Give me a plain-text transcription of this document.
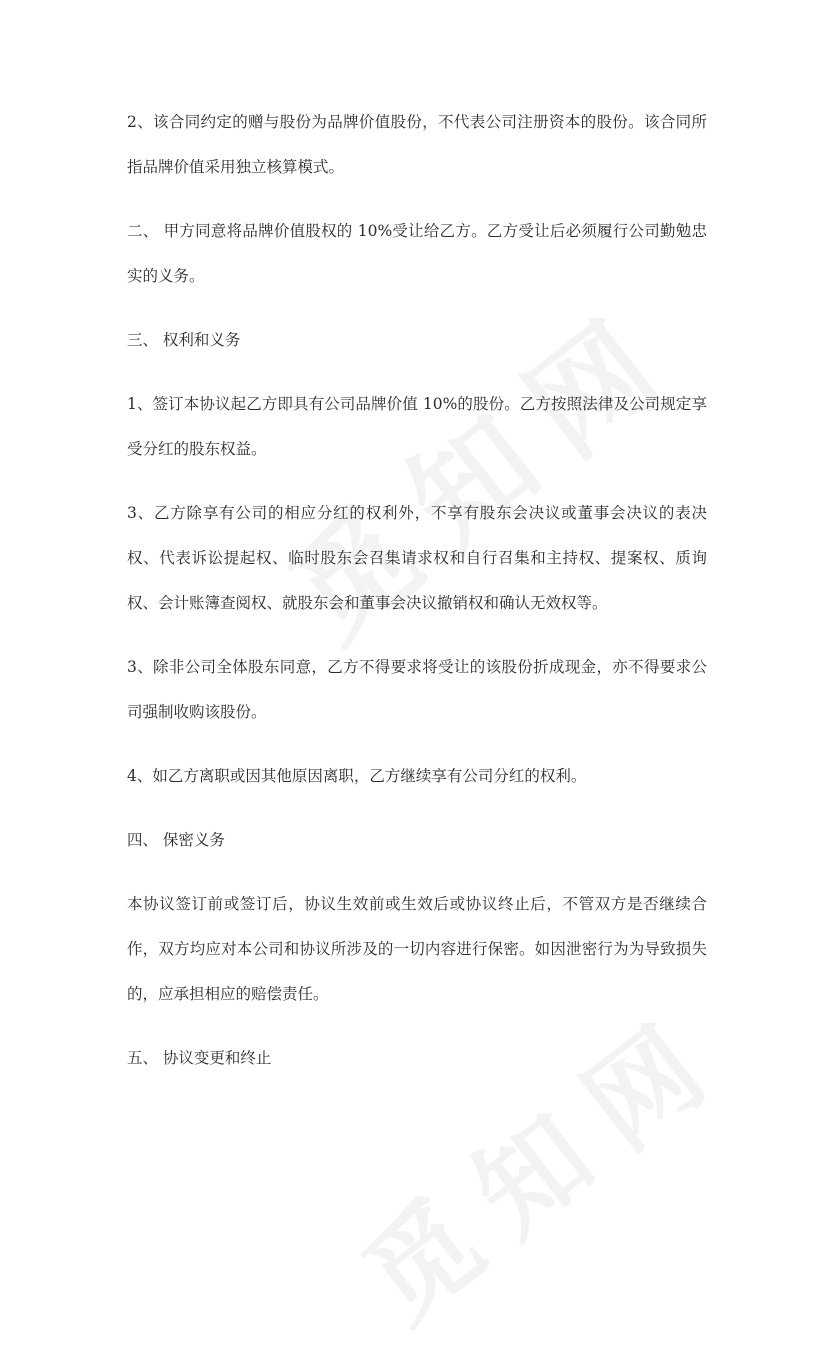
2、该合同约定的赠与股份为品牌价值股份，不代表公司注册资本的股份。该合同所指品牌价值采用独立核算模式。

二、 甲方同意将品牌价值股权的 10%受让给乙方。乙方受让后必须履行公司勤勉忠实的义务。

三、 权利和义务

1、签订本协议起乙方即具有公司品牌价值 10%的股份。乙方按照法律及公司规定享受分红的股东权益。

3、乙方除享有公司的相应分红的权利外，不享有股东会决议或董事会决议的表决权、代表诉讼提起权、临时股东会召集请求权和自行召集和主持权、提案权、质询权、会计账簿查阅权、就股东会和董事会决议撤销权和确认无效权等。

3、除非公司全体股东同意，乙方不得要求将受让的该股份折成现金，亦不得要求公司强制收购该股份。

4、如乙方离职或因其他原因离职，乙方继续享有公司分红的权利。

四、 保密义务

本协议签订前或签订后，协议生效前或生效后或协议终止后，不管双方是否继续合作，双方均应对本公司和协议所涉及的一切内容进行保密。如因泄密行为为导致损失的，应承担相应的赔偿责任。

五、 协议变更和终止
